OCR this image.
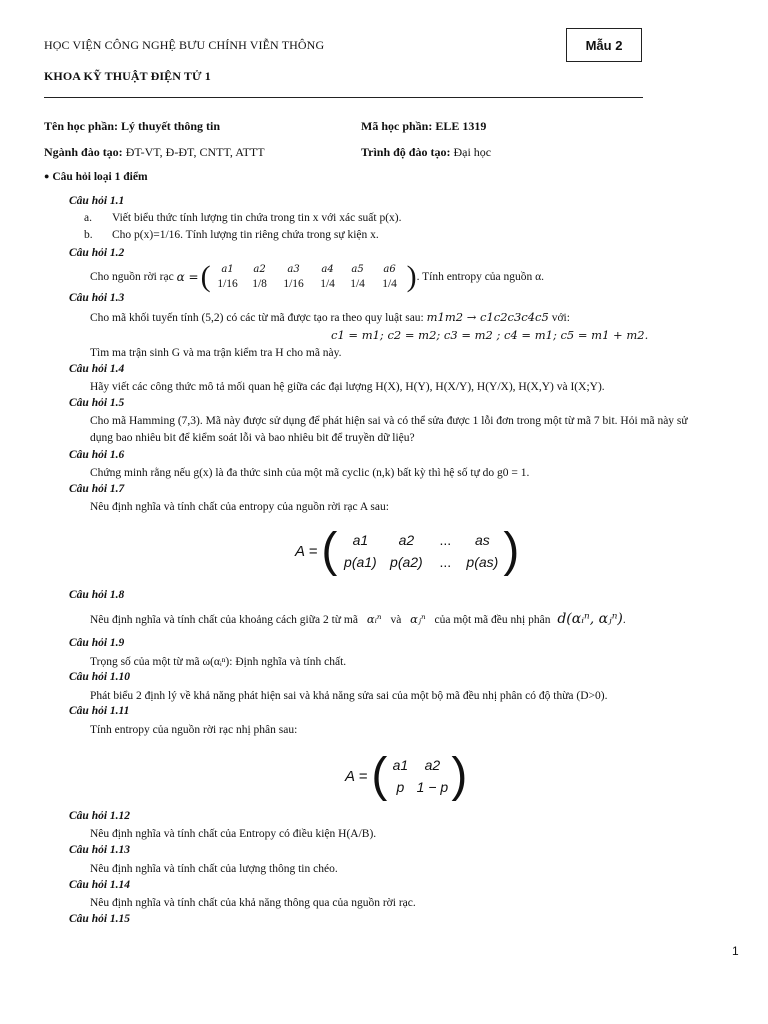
HỌC VIỆN CÔNG NGHỆ BƯU CHÍNH VIỄN THÔNG	Mẫu 2
KHOA KỸ THUẬT ĐIỆN TỬ 1
Tên học phần: Lý thuyết thông tin	Mã học phần: ELE 1319
Ngành đào tạo: ĐT-VT, Đ-ĐT, CNTT, ATTT	Trình độ đào tạo: Đại học
● Câu hỏi loại 1 điểm
Câu hỏi 1.1
a. Viết biểu thức tính lượng tin chứa trong tin x với xác suất p(x).
b. Cho p(x)=1/16. Tính lượng tin riêng chứa trong sự kiện x.
Câu hỏi 1.2
Cho nguồn rời rạc
α = (	a1	a2	a3	a4	a5	a6
1/16	1/8	1/16	1/4	1/4	1/4 ) . Tính entropy của nguồn α.
Câu hỏi 1.3
Cho mã khối tuyến tính (5,2) có các từ mã được tạo ra theo quy luật sau: m1m2 → c1c2c3c4c5 với:
c1 = m1; c2 = m2; c3 = m2 ; c4 = m1; c5 = m1 + m2.
Tìm ma trận sinh G và ma trận kiểm tra H cho mã này.
Câu hỏi 1.4
Hãy viết các công thức mô tả mối quan hệ giữa các đại lượng H(X), H(Y), H(X/Y), H(Y/X), H(X,Y) và I(X;Y).
Câu hỏi 1.5
Cho mã Hamming (7,3). Mã này được sử dụng để phát hiện sai và có thể sửa được 1 lỗi đơn trong một từ mã 7 bit. Hỏi mã này sử
dụng bao nhiêu bit để kiểm soát lỗi và bao nhiêu bit để truyền dữ liệu?
Câu hỏi 1.6
Chứng minh rằng nếu g(x) là đa thức sinh của một mã cyclic (n,k) bất kỳ thì hệ số tự do g0 = 1.
Câu hỏi 1.7
Nêu định nghĩa và tính chất của entropy của nguồn rời rạc A sau:
A = (	a1	a2	...	as
p(a1) p(a2)	...	p(as) )
Câu hỏi 1.8
Nêu định nghĩa và tính chất của khoảng cách giữa 2 từ mã αᵢⁿ và αⱼⁿ của một mã đều nhị phân d(αᵢⁿ, αⱼⁿ).
Câu hỏi 1.9
Trọng số của một từ mã ω(αᵢⁿ): Định nghĩa và tính chất.
Câu hỏi 1.10
Phát biểu 2 định lý về khả năng phát hiện sai và khả năng sửa sai của một bộ mã đều nhị phân có độ thừa (D>0).
Câu hỏi 1.11
Tính entropy của nguồn rời rạc nhị phân sau:
A = ( a1	a2
p 1 − p )
Câu hỏi 1.12
Nêu định nghĩa và tính chất của Entropy có điều kiện H(A/B).
Câu hỏi 1.13
Nêu định nghĩa và tính chất của lượng thông tin chéo.
Câu hỏi 1.14
Nêu định nghĩa và tính chất của khả năng thông qua của nguồn rời rạc.
Câu hỏi 1.15
1
